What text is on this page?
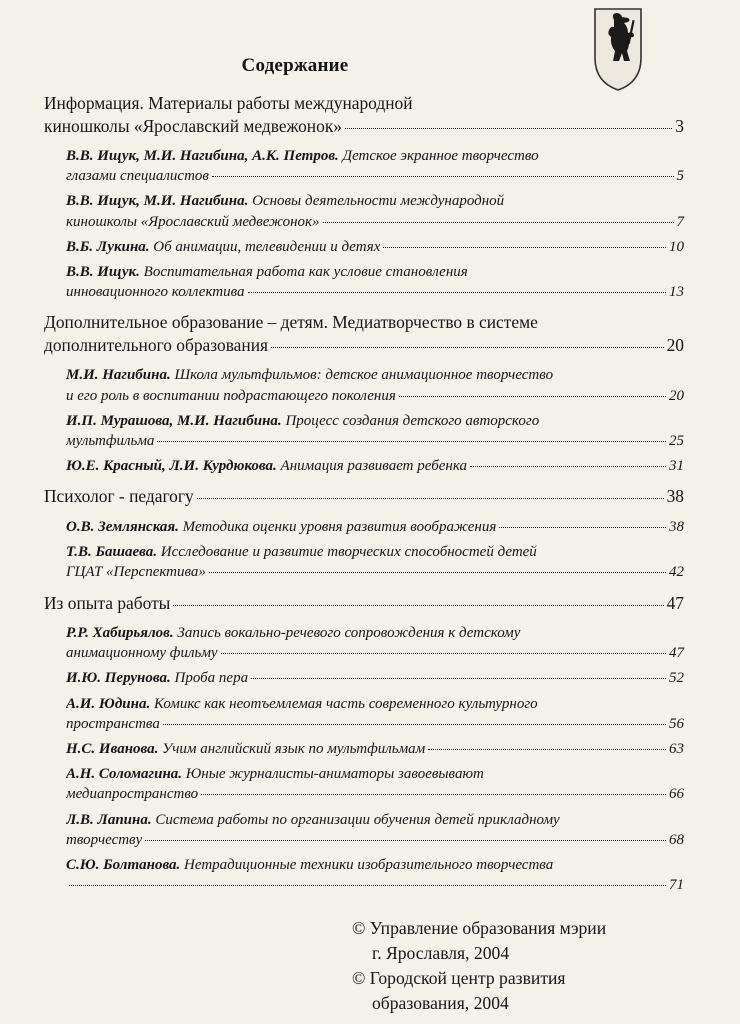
Содержание
Информация. Материалы работы международной
киношколы «Ярославский медвежонок»	3
В.В. Ищук, М.И. Нагибина, А.К. Петров. Детское экранное творчество
глазами специалистов	5
В.В. Ищук, М.И. Нагибина. Основы деятельности международной
киношколы «Ярославский медвежонок»	7
В.Б. Лукина. Об анимации, телевидении и детях	10
В.В. Ищук. Воспитательная работа как условие становления
инновационного коллектива	13
Дополнительное образование – детям. Медиатворчество в системе
дополнительного образования	20
М.И. Нагибина. Школа мультфильмов: детское анимационное творчество
и его роль в воспитании подрастающего поколения	20
И.П. Мурашова, М.И. Нагибина. Процесс создания детского авторского
мультфильма	25
Ю.Е. Красный, Л.И. Курдюкова. Анимация развивает ребенка	31
Психолог - педагогу	38
О.В. Землянская. Методика оценки уровня развития воображения	38
Т.В. Башаева. Исследование и развитие творческих способностей детей
ГЦАТ «Перспектива»	42
Из опыта работы	47
Р.Р. Хабирьялов. Запись вокально-речевого сопровождения к детскому
анимационному фильму	47
И.Ю. Перунова. Проба пера	52
А.И. Юдина. Комикс как неотъемлемая часть современного культурного
пространства	56
Н.С. Иванова. Учим английский язык по мультфильмам	63
А.Н. Соломагина. Юные журналисты-аниматоры завоевывают
медиапространство	66
Л.В. Лапина. Система работы по организации обучения детей прикладному
творчеству	68
С.Ю. Болтанова. Нетрадиционные техники изобразительного творчества
71
© Управление образования мэрии
г. Ярославля, 2004
© Городской центр развития
образования, 2004
